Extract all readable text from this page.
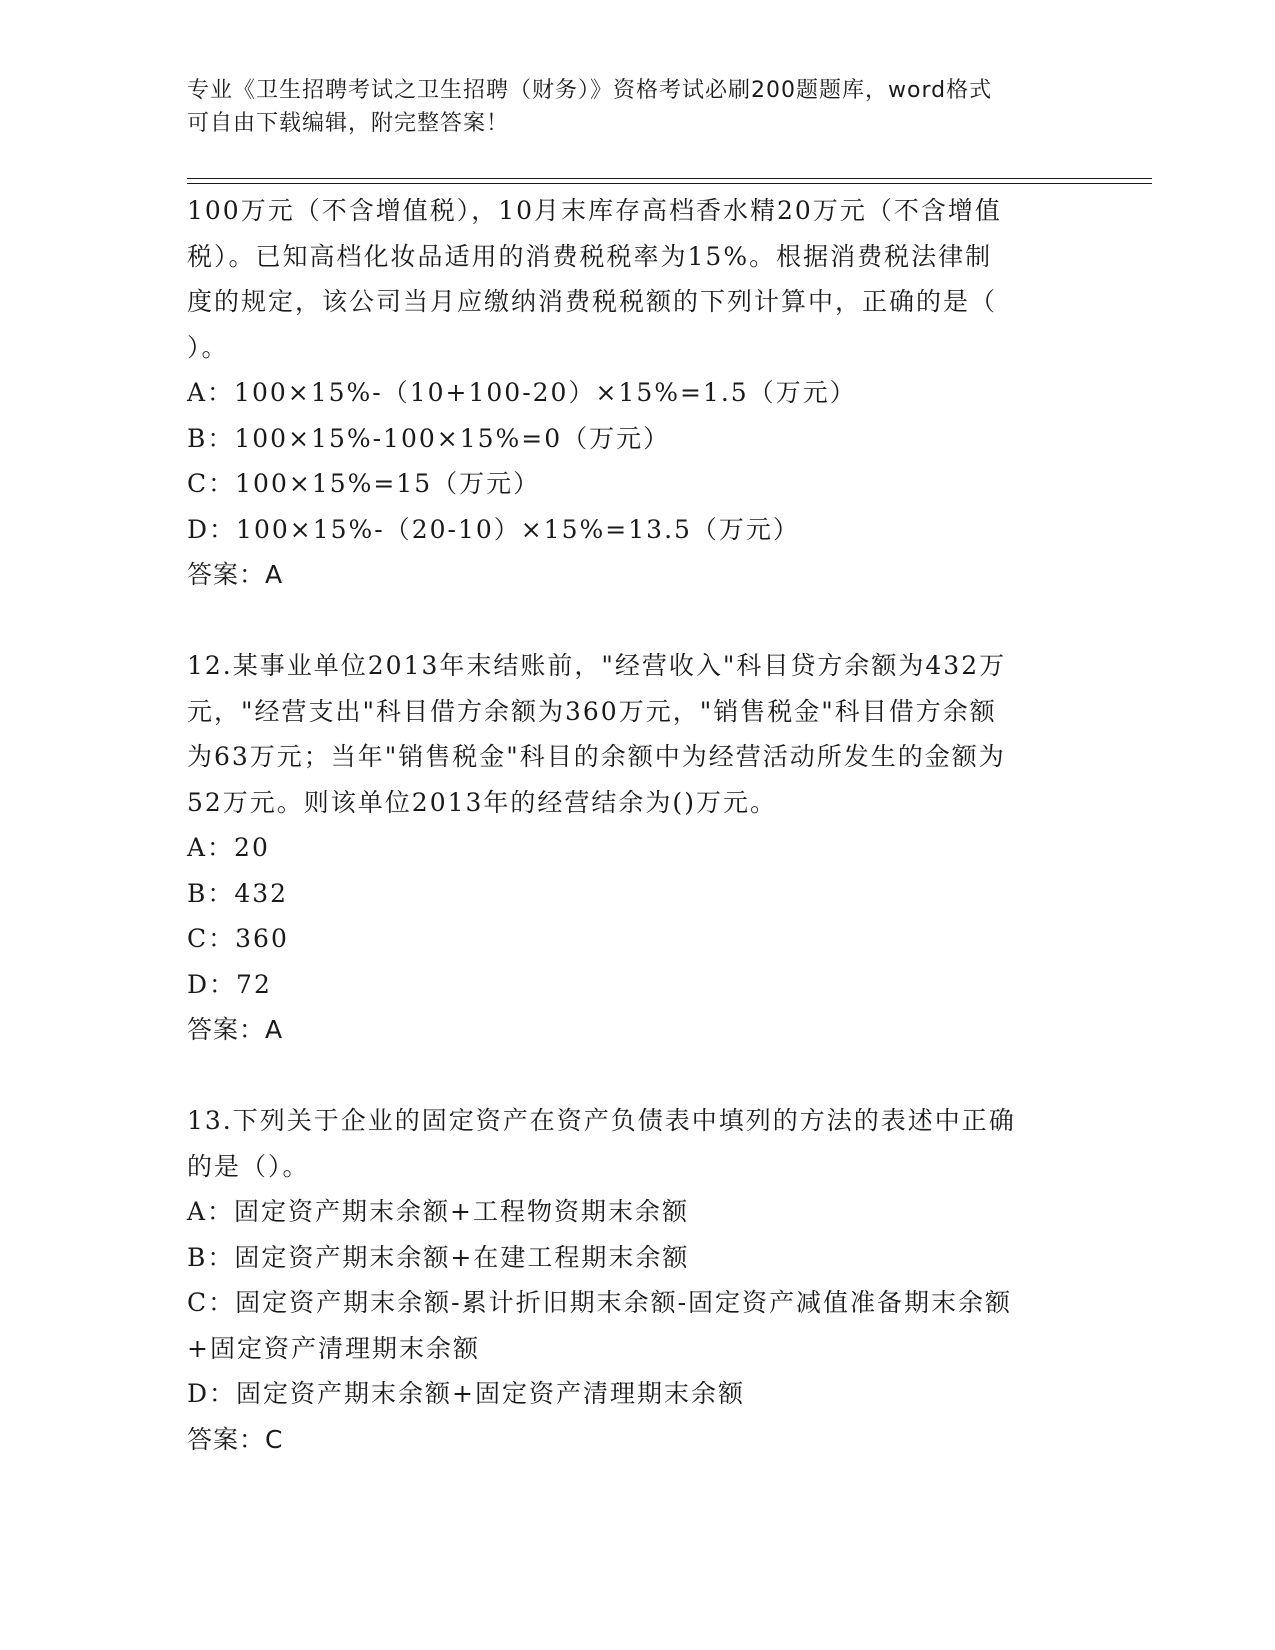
专业《卫生招聘考试之卫生招聘（财务）》资格考试必刷200题题库，word格式
可自由下载编辑，附完整答案！
100万元（不含增值税），10月末库存高档香水精20万元（不含增值
税）。已知高档化妆品适用的消费税税率为15%。根据消费税法律制
度的规定，该公司当月应缴纳消费税税额的下列计算中，正确的是（
）。
A：100×15%-（10+100-20）×15%=1.5（万元）
B：100×15%-100×15%=0（万元）
C：100×15%=15（万元）
D：100×15%-（20-10）×15%=13.5（万元）
答案：A
12.某事业单位2013年末结账前，"经营收入"科目贷方余额为432万
元，"经营支出"科目借方余额为360万元，"销售税金"科目借方余额
为63万元；当年"销售税金"科目的余额中为经营活动所发生的金额为
52万元。则该单位2013年的经营结余为()万元。
A：20
B：432
C：360
D：72
答案：A
13.下列关于企业的固定资产在资产负债表中填列的方法的表述中正确
的是（）。
A：固定资产期末余额+工程物资期末余额
B：固定资产期末余额+在建工程期末余额
C：固定资产期末余额-累计折旧期末余额-固定资产减值准备期末余额
+固定资产清理期末余额
D：固定资产期末余额+固定资产清理期末余额
答案：C
